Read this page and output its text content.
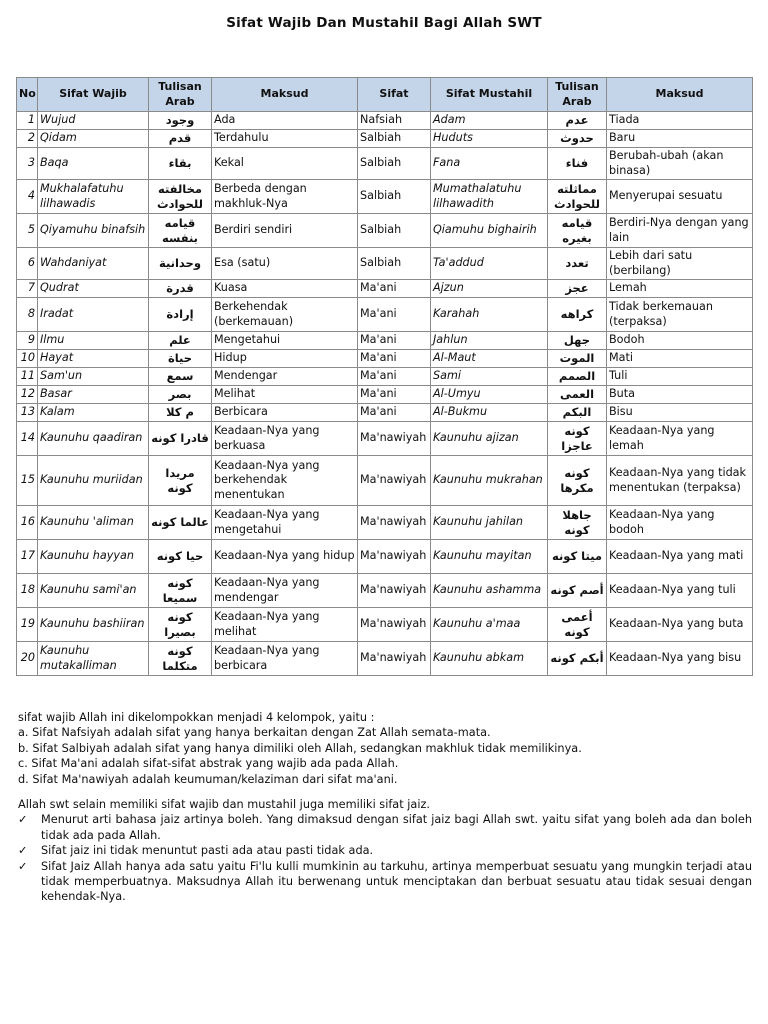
Sifat Wajib Dan Mustahil Bagi Allah SWT
No	Sifat Wajib	Tulisan Arab	Maksud	Sifat	Sifat Mustahil	Tulisan Arab	Maksud
1	Wujud	وجود	Ada	Nafsiah	Adam	عدم	Tiada
2	Qidam	قدم	Terdahulu	Salbiah	Huduts	حدوث	Baru
3	Baqa	بقاء	Kekal	Salbiah	Fana	فناء	Berubah-ubah (akan binasa)
4	Mukhalafatuhu lilhawadis	مخالفته للحوادث	Berbeda dengan makhluk-Nya	Salbiah	Mumathalatuhu lilhawadith	مماثلته للحوادث	Menyerupai sesuatu
5	Qiyamuhu binafsih	قيامه بنفسه	Berdiri sendiri	Salbiah	Qiamuhu bighairih	قيامه بغيره	Berdiri-Nya dengan yang lain
6	Wahdaniyat	وحدانية	Esa (satu)	Salbiah	Ta'addud	تعدد	Lebih dari satu (berbilang)
7	Qudrat	قدرة	Kuasa	Ma'ani	Ajzun	عجز	Lemah
8	Iradat	إرادة	Berkehendak (berkemauan)	Ma'ani	Karahah	كراهه	Tidak berkemauan (terpaksa)
9	Ilmu	علم	Mengetahui	Ma'ani	Jahlun	جهل	Bodoh
10	Hayat	حياة	Hidup	Ma'ani	Al-Maut	الموت	Mati
11	Sam'un	سمع	Mendengar	Ma'ani	Sami	الصمم	Tuli
12	Basar	بصر	Melihat	Ma'ani	Al-Umyu	العمى	Buta
13	Kalam	م كلا	Berbicara	Ma'ani	Al-Bukmu	البكم	Bisu
14	Kaunuhu qaadiran	قادرا كونه	Keadaan-Nya yang berkuasa	Ma'nawiyah	Kaunuhu ajizan	كونه عاجزا	Keadaan-Nya yang lemah
15	Kaunuhu muriidan	مريدا كونه	Keadaan-Nya yang berkehendak menentukan	Ma'nawiyah	Kaunuhu mukrahan	كونه مكرها	Keadaan-Nya yang tidak menentukan (terpaksa)
16	Kaunuhu 'aliman	عالما كونه	Keadaan-Nya yang mengetahui	Ma'nawiyah	Kaunuhu jahilan	جاهلا كونه	Keadaan-Nya yang bodoh
17	Kaunuhu hayyan	حيا كونه	Keadaan-Nya yang hidup	Ma'nawiyah	Kaunuhu mayitan	ميتا كونه	Keadaan-Nya yang mati
18	Kaunuhu sami'an	كونه سميعا	Keadaan-Nya yang mendengar	Ma'nawiyah	Kaunuhu ashamma	أصم كونه	Keadaan-Nya yang tuli
19	Kaunuhu bashiiran	كونه بصيرا	Keadaan-Nya yang melihat	Ma'nawiyah	Kaunuhu a'maa	أعمى كونه	Keadaan-Nya yang buta
20	Kaunuhu mutakalliman	كونه متكلما	Keadaan-Nya yang berbicara	Ma'nawiyah	Kaunuhu abkam	أبكم كونه	Keadaan-Nya yang bisu

sifat wajib Allah ini dikelompokkan menjadi 4 kelompok, yaitu :

a. Sifat Nafsiyah adalah sifat yang hanya berkaitan dengan Zat Allah semata-mata.

b. Sifat Salbiyah adalah sifat yang hanya dimiliki oleh Allah, sedangkan makhluk tidak memilikinya.

c. Sifat Ma'ani adalah sifat-sifat abstrak yang wajib ada pada Allah.

d. Sifat Ma'nawiyah adalah keumuman/kelaziman dari sifat ma'ani.

Allah swt selain memiliki sifat wajib dan mustahil juga memiliki sifat jaiz.

✓	Menurut arti bahasa jaiz artinya boleh. Yang dimaksud dengan sifat jaiz bagi Allah swt. yaitu sifat yang boleh ada dan boleh tidak ada pada Allah.
✓	Sifat jaiz ini tidak menuntut pasti ada atau pasti tidak ada.
✓	Sifat Jaiz Allah hanya ada satu yaitu Fi'lu kulli mumkinin au tarkuhu, artinya memperbuat sesuatu yang mungkin terjadi atau tidak memperbuatnya. Maksudnya Allah itu berwenang untuk menciptakan dan berbuat sesuatu atau tidak sesuai dengan kehendak-Nya.
